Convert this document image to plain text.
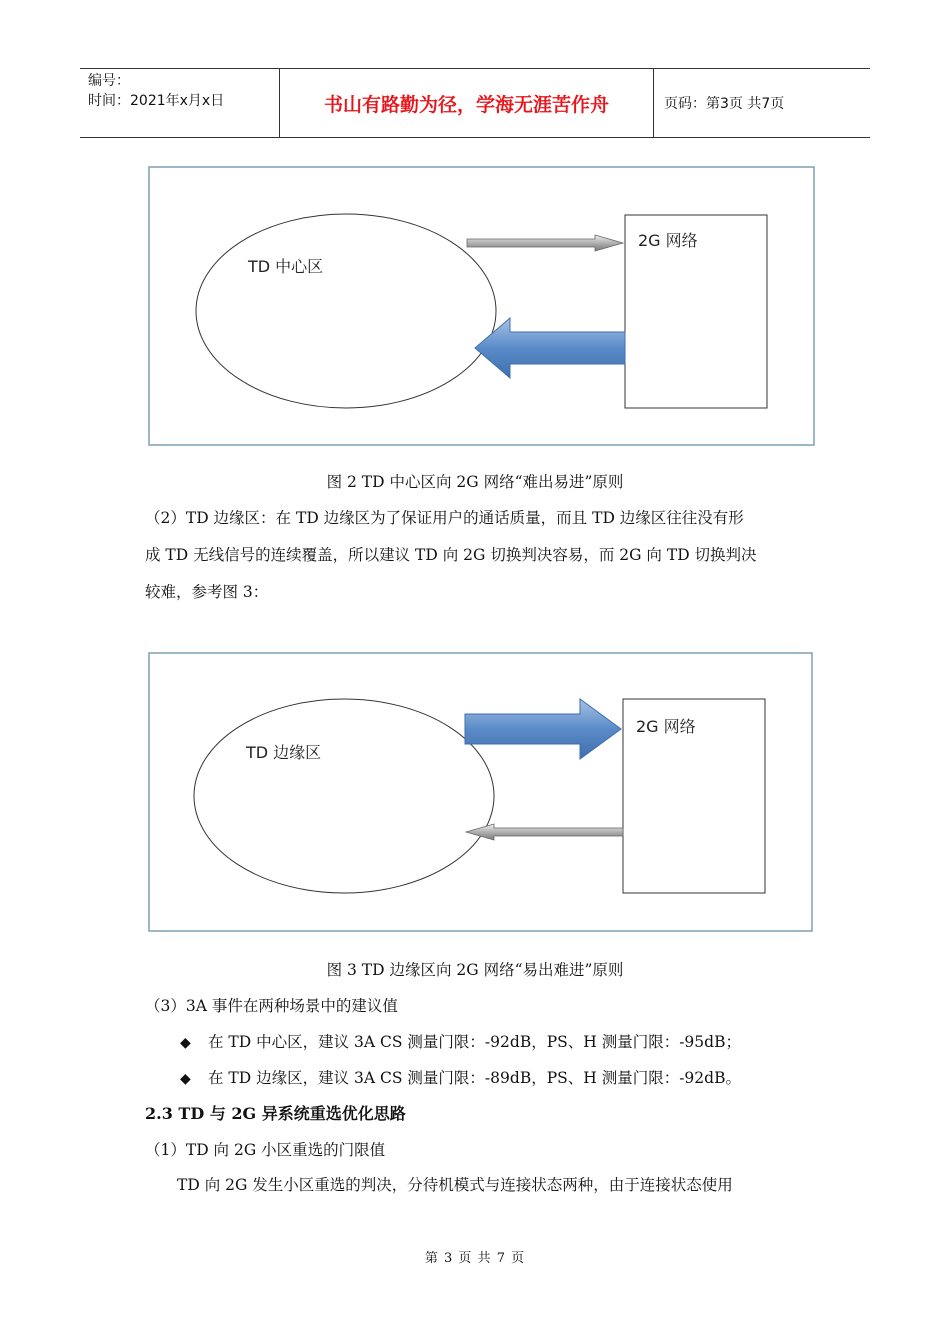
编号：
时间：2021年x月x日	书山有路勤为径，学海无涯苦作舟	页码：第3页 共7页
TD 中心区
2G 网络
图 2 TD 中心区向 2G 网络“难出易进”原则
（2）TD 边缘区：在 TD 边缘区为了保证用户的通话质量，而且 TD 边缘区往往没有形
成 TD 无线信号的连续覆盖，所以建议 TD 向 2G 切换判决容易，而 2G 向 TD 切换判决
较难，参考图 3：
TD 边缘区
2G 网络
图 3 TD 边缘区向 2G 网络“易出难进”原则
（3）3A 事件在两种场景中的建议值
◆ 在 TD 中心区，建议 3A CS 测量门限：-92dB，PS、H 测量门限：-95dB；
◆ 在 TD 边缘区，建议 3A CS 测量门限：-89dB，PS、H 测量门限：-92dB。
2.3 TD 与 2G 异系统重选优化思路
（1）TD 向 2G 小区重选的门限值
TD 向 2G 发生小区重选的判决，分待机模式与连接状态两种，由于连接状态使用
第 3 页 共 7 页
